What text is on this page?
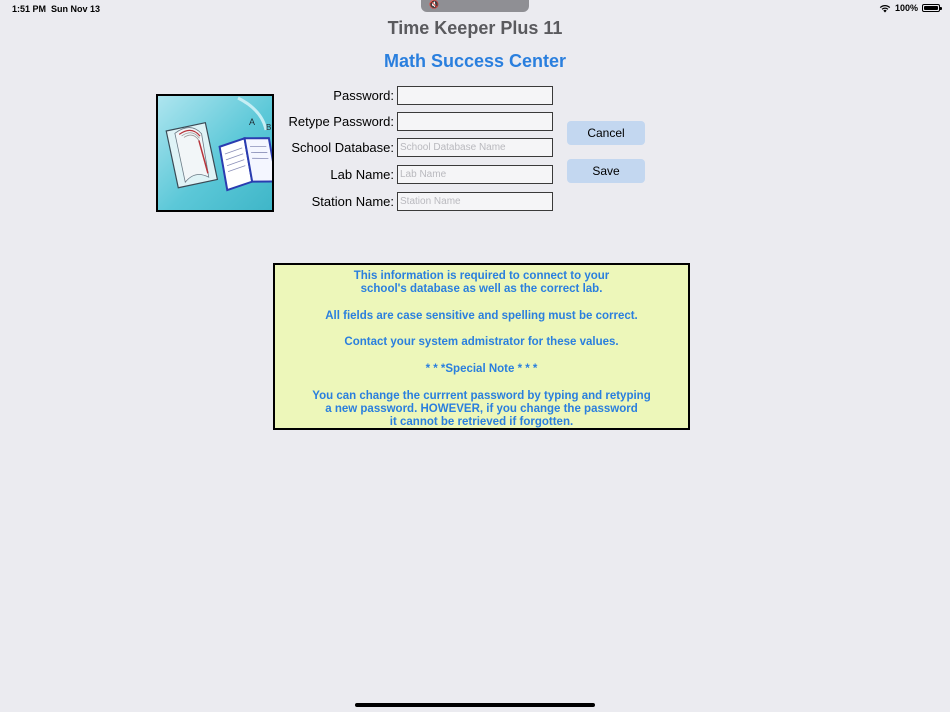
1:51 PM Sun Nov 13	100%
🔇
Time Keeper Plus 11
Math Success Center
A
B
Password:
Retype Password:
School Database:
School Database Name
Lab Name:
Lab Name
Station Name:
Station Name
Cancel
Save

This information is required to connect to your

school's database as well as the correct lab.

All fields are case sensitive and spelling must be correct.

Contact your system admistrator for these values.

* * *Special Note * * *

You can change the currrent password by typing and retyping

a new password. HOWEVER, if you change the password

it cannot be retrieved if forgotten.
